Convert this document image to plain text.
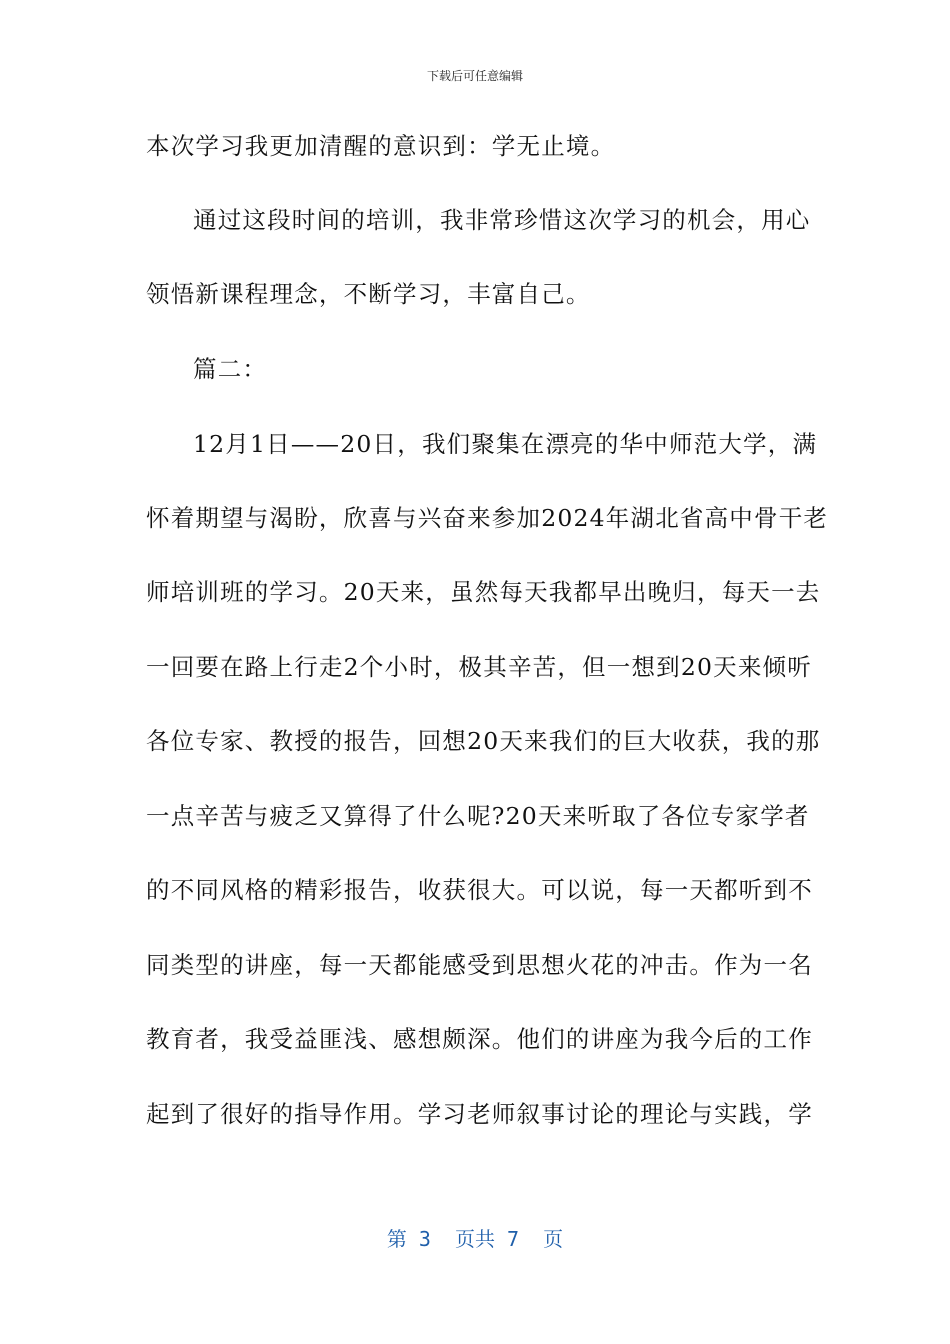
下载后可任意编辑
本次学习我更加清醒的意识到：学无止境。
通过这段时间的培训，我非常珍惜这次学习的机会，用心
领悟新课程理念，不断学习，丰富自己。
篇二：
12月1日——20日，我们聚集在漂亮的华中师范大学，满
怀着期望与渴盼，欣喜与兴奋来参加2024年湖北省高中骨干老
师培训班的学习。20天来，虽然每天我都早出晚归，每天一去
一回要在路上行走2个小时，极其辛苦，但一想到20天来倾听
各位专家、教授的报告，回想20天来我们的巨大收获，我的那
一点辛苦与疲乏又算得了什么呢?20天来听取了各位专家学者
的不同风格的精彩报告，收获很大。可以说，每一天都听到不
同类型的讲座，每一天都能感受到思想火花的冲击。作为一名
教育者，我受益匪浅、感想颇深。他们的讲座为我今后的工作
起到了很好的指导作用。学习老师叙事讨论的理论与实践，学
第 3  页共 7  页
